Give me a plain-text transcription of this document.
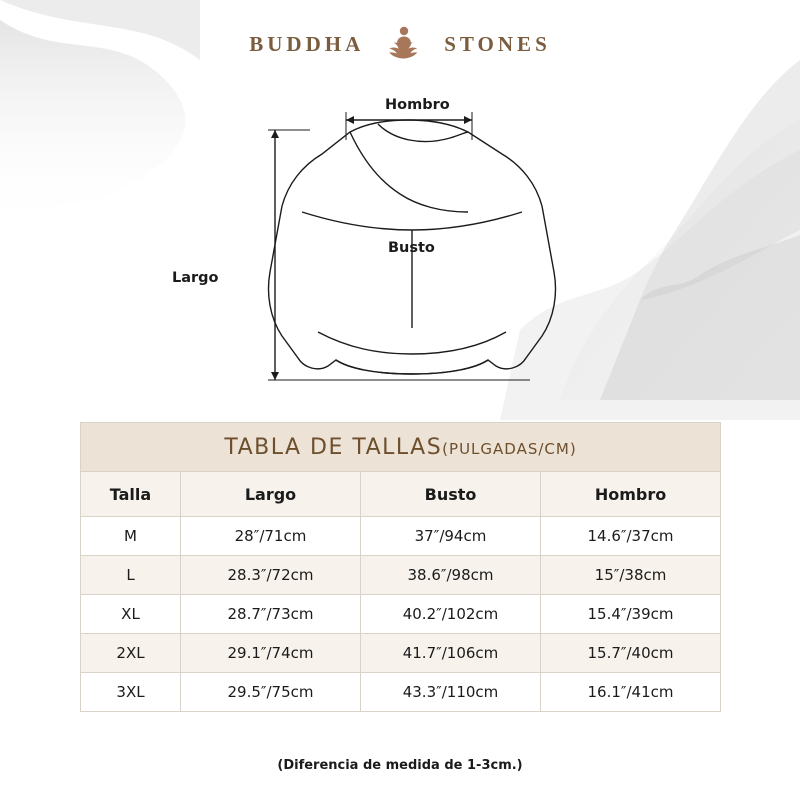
BUDDHA	STONES
Hombro
Busto
Largo
TABLA DE TALLAS(PULGADAS/CM)			
Talla	Largo	Busto	Hombro
M	28″/71cm	37″/94cm	14.6″/37cm
L	28.3″/72cm	38.6″/98cm	15″/38cm
XL	28.7″/73cm	40.2″/102cm	15.4″/39cm
2XL	29.1″/74cm	41.7″/106cm	15.7″/40cm
3XL	29.5″/75cm	43.3″/110cm	16.1″/41cm
(Diferencia de medida de 1-3cm.)
